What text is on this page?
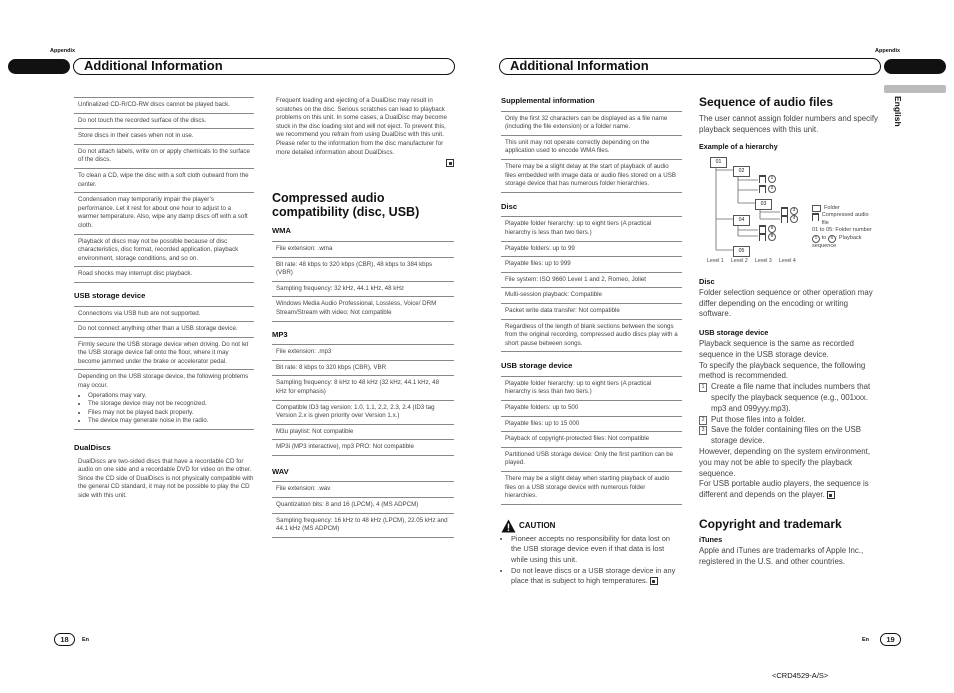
Appendix
Additional Information
Appendix
Additional Information
English
Unfinalized CD-R/CD-RW discs cannot be played back.
Do not touch the recorded surface of the discs.
Store discs in their cases when not in use.
Do not attach labels, write on or apply chemicals to the surface of the discs.
To clean a CD, wipe the disc with a soft cloth outward from the center.
Condensation may temporarily impair the player’s performance. Let it rest for about one hour to adjust to a warmer temperature. Also, wipe any damp discs off with a soft cloth.
Playback of discs may not be possible because of disc characteristics, disc format, recorded application, playback environment, storage conditions, and so on.
Road shocks may interrupt disc playback.
USB storage device
Connections via USB hub are not supported.
Do not connect anything other than a USB storage device.
Firmly secure the USB storage device when driving. Do not let the USB storage device fall onto the floor, where it may become jammed under the brake or accelerator pedal.
Depending on the USB storage device, the following problems may occur.
• Operations may vary.
• The storage device may not be recognized.
• Files may not be played back properly.
• The device may generate noise in the radio.
DualDiscs
DualDiscs are two-sided discs that have a recordable CD for audio on one side and a recordable DVD for video on the other.
Since the CD side of DualDiscs is not physically compatible with the general CD standard, it may not be possible to play the CD side with this unit.
Frequent loading and ejecting of a DualDisc may result in scratches on the disc. Serious scratches can lead to playback problems on this unit. In some cases, a DualDisc may become stuck in the disc loading slot and will not eject. To prevent this, we recommend you refrain from using DualDisc with this unit. Please refer to the information from the disc manufacturer for more detailed information about DualDiscs.
Compressed audio compatibility (disc, USB)
WMA
File extension: .wma
Bit rate: 48 kbps to 320 kbps (CBR), 48 kbps to 384 kbps (VBR)
Sampling frequency: 32 kHz, 44.1 kHz, 48 kHz
Windows Media Audio Professional, Lossless, Voice/ DRM Stream/Stream with video: Not compatible
MP3
File extension: .mp3
Bit rate: 8 kbps to 320 kbps (CBR), VBR
Sampling frequency: 8 kHz to 48 kHz (32 kHz, 44.1 kHz, 48 kHz for emphasis)
Compatible ID3 tag version: 1.0, 1.1, 2.2, 2.3, 2.4 (ID3 tag Version 2.x is given priority over Version 1.x.)
M3u playlist: Not compatible
MP3i (MP3 interactive), mp3 PRO: Not compatible
WAV
File extension: .wav
Quantization bits: 8 and 16 (LPCM), 4 (MS ADPCM)
Sampling frequency: 16 kHz to 48 kHz (LPCM), 22.05 kHz and 44.1 kHz (MS ADPCM)
Supplemental information
Only the first 32 characters can be displayed as a file name (including the file extension) or a folder name.
This unit may not operate correctly depending on the application used to encode WMA files.
There may be a slight delay at the start of playback of audio files embedded with image data or audio files stored on a USB storage device that has numerous folder hierarchies.
Disc
Playable folder hierarchy: up to eight tiers (A practical hierarchy is less than two tiers.)
Playable folders: up to 99
Playable files: up to 999
File system: ISO 9660 Level 1 and 2, Romeo, Joliet
Multi-session playback: Compatible
Packet write data transfer: Not compatible
Regardless of the length of blank sections between the songs from the original recording, compressed audio discs play with a short pause between songs.
USB storage device
Playable folder hierarchy: up to eight tiers (A practical hierarchy is less than two tiers.)
Playable folders: up to 500
Playable files: up to 15 000
Playback of copyright-protected files: Not compatible
Partitioned USB storage device: Only the first partition can be played.
There may be a slight delay when starting playback of audio files on a USB storage device with numerous folder hierarchies.
CAUTION
• Pioneer accepts no responsibility for data lost on the USB storage device even if that data is lost while using this unit.
• Do not leave discs or a USB storage device in any place that is subject to high temperatures.
Sequence of audio files
The user cannot assign folder numbers and specify playback sequences with this unit.
Example of a hierarchy
01
02
03
04
05
1
2
3
4
5
6
Level 1 Level 2 Level 3 Level 4
Folder
Compressed audio file
01 to 05: Folder number
1 to 6 : Playback sequence
Disc
Folder selection sequence or other operation may differ depending on the encoding or writing software.
USB storage device
Playback sequence is the same as recorded sequence in the USB storage device.
To specify the playback sequence, the following method is recommended.
1 Create a file name that includes numbers that specify the playback sequence (e.g., 001xxx. mp3 and 099yyy.mp3).
2 Put those files into a folder.
3 Save the folder containing files on the USB storage device.
However, depending on the system environment, you may not be able to specify the playback sequence.
For USB portable audio players, the sequence is different and depends on the player.
Copyright and trademark
iTunes
Apple and iTunes are trademarks of Apple Inc., registered in the U.S. and other countries.
18	En	En	19
<CRD4529-A/S>
